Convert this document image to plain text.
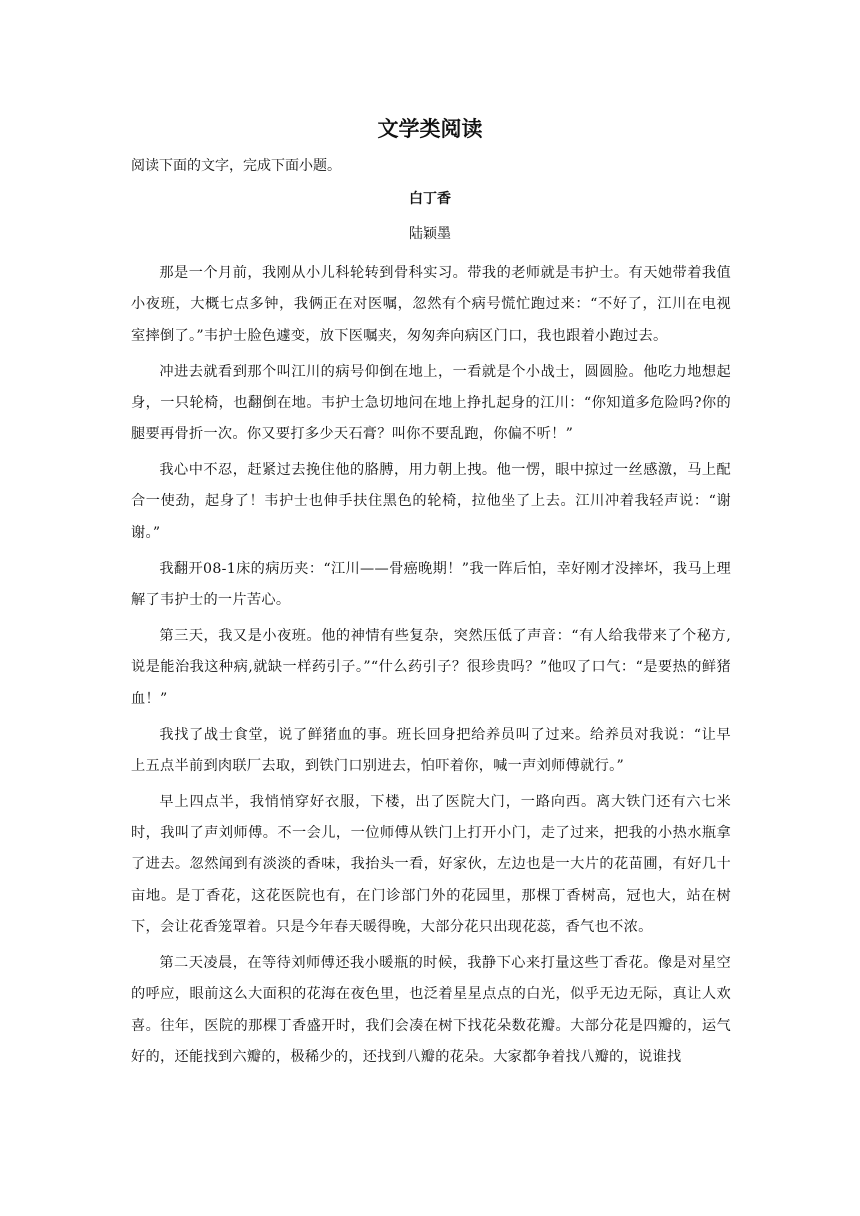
文学类阅读

阅读下面的文字，完成下面小题。

白丁香

陆颖墨

那是一个月前，我刚从小儿科轮转到骨科实习。带我的老师就是韦护士。有天她带着我值小夜班，大概七点多钟，我俩正在对医嘱，忽然有个病号慌忙跑过来：“不好了，江川在电视室摔倒了。”韦护士脸色遽变，放下医嘱夹，匆匆奔向病区门口，我也跟着小跑过去。

冲进去就看到那个叫江川的病号仰倒在地上，一看就是个小战士，圆圆脸。他吃力地想起身，一只轮椅，也翻倒在地。韦护士急切地问在地上挣扎起身的江川：“你知道多危险吗?你的腿要再骨折一次。你又要打多少天石膏？叫你不要乱跑，你偏不听！”

我心中不忍，赶紧过去挽住他的胳膊，用力朝上拽。他一愣，眼中掠过一丝感激，马上配合一使劲，起身了！韦护士也伸手扶住黑色的轮椅，拉他坐了上去。江川冲着我轻声说：“谢谢。”

我翻开08-1床的病历夹：“江川——骨癌晚期！”我一阵后怕，幸好刚才没摔坏，我马上理解了韦护士的一片苦心。

第三天，我又是小夜班。他的神情有些复杂，突然压低了声音：“有人给我带来了个秘方,说是能治我这种病,就缺一样药引子。”“什么药引子？很珍贵吗？”他叹了口气：“是要热的鲜猪血！”

我找了战士食堂，说了鲜猪血的事。班长回身把给养员叫了过来。给养员对我说：“让早上五点半前到肉联厂去取，到铁门口别进去，怕吓着你，喊一声刘师傅就行。”

早上四点半，我悄悄穿好衣服，下楼，出了医院大门，一路向西。离大铁门还有六七米时，我叫了声刘师傅。不一会儿，一位师傅从铁门上打开小门，走了过来，把我的小热水瓶拿了进去。忽然闻到有淡淡的香味，我抬头一看，好家伙，左边也是一大片的花苗圃，有好几十亩地。是丁香花，这花医院也有，在门诊部门外的花园里，那棵丁香树高，冠也大，站在树下，会让花香笼罩着。只是今年春天暖得晚，大部分花只出现花蕊，香气也不浓。

第二天凌晨，在等待刘师傅还我小暖瓶的时候，我静下心来打量这些丁香花。像是对星空的呼应，眼前这么大面积的花海在夜色里，也泛着星星点点的白光，似乎无边无际，真让人欢喜。往年，医院的那棵丁香盛开时，我们会凑在树下找花朵数花瓣。大部分花是四瓣的，运气好的，还能找到六瓣的，极稀少的，还找到八瓣的花朵。大家都争着找八瓣的，说谁找
